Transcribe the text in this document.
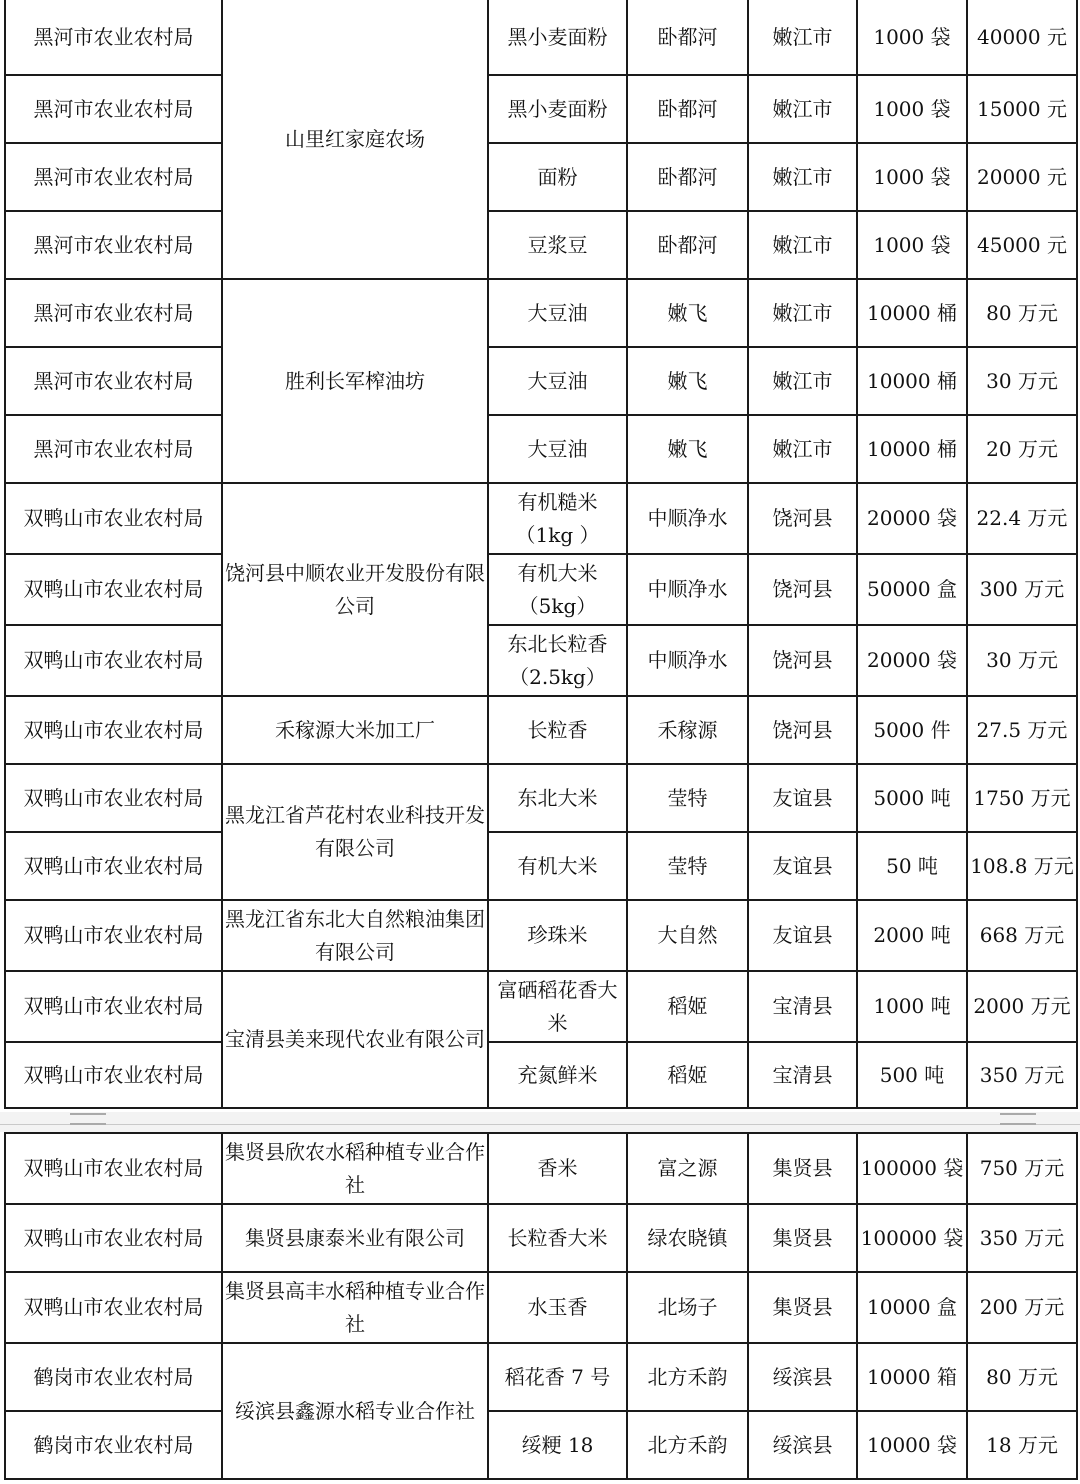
黑河市农业农村局	山里红家庭农场	黑小麦面粉	卧都河	嫩江市	1000 袋	40000 元
黑河市农业农村局		黑小麦面粉	卧都河	嫩江市	1000 袋	15000 元
黑河市农业农村局		面粉	卧都河	嫩江市	1000 袋	20000 元
黑河市农业农村局		豆浆豆	卧都河	嫩江市	1000 袋	45000 元
黑河市农业农村局	胜利长军榨油坊	大豆油	嫩飞	嫩江市	10000 桶	80 万元
黑河市农业农村局		大豆油	嫩飞	嫩江市	10000 桶	30 万元
黑河市农业农村局		大豆油	嫩飞	嫩江市	10000 桶	20 万元
双鸭山市农业农村局	饶河县中顺农业开发股份有限公司	有机糙米（1kg ）	中顺净水	饶河县	20000 袋	22.4 万元
双鸭山市农业农村局		有机大米（5kg）	中顺净水	饶河县	50000 盒	300 万元
双鸭山市农业农村局		东北长粒香（2.5kg）	中顺净水	饶河县	20000 袋	30 万元
双鸭山市农业农村局	禾稼源大米加工厂	长粒香	禾稼源	饶河县	5000 件	27.5 万元
双鸭山市农业农村局	黑龙江省芦花村农业科技开发有限公司	东北大米	莹特	友谊县	5000 吨	1750 万元
双鸭山市农业农村局		有机大米	莹特	友谊县	50 吨	108.8 万元
双鸭山市农业农村局	黑龙江省东北大自然粮油集团有限公司	珍珠米	大自然	友谊县	2000 吨	668 万元
双鸭山市农业农村局	宝清县美来现代农业有限公司	富硒稻花香大米	稻姬	宝清县	1000 吨	2000 万元
双鸭山市农业农村局		充氮鲜米	稻姬	宝清县	500 吨	350 万元
双鸭山市农业农村局	集贤县欣农水稻种植专业合作社	香米	富之源	集贤县	100000 袋	750 万元
双鸭山市农业农村局	集贤县康泰米业有限公司	长粒香大米	绿农晓镇	集贤县	100000 袋	350 万元
双鸭山市农业农村局	集贤县高丰水稻种植专业合作社	水玉香	北场子	集贤县	10000 盒	200 万元
鹤岗市农业农村局	绥滨县鑫源水稻专业合作社	稻花香 7 号	北方禾韵	绥滨县	10000 箱	80 万元
鹤岗市农业农村局		绥粳 18	北方禾韵	绥滨县	10000 袋	18 万元
